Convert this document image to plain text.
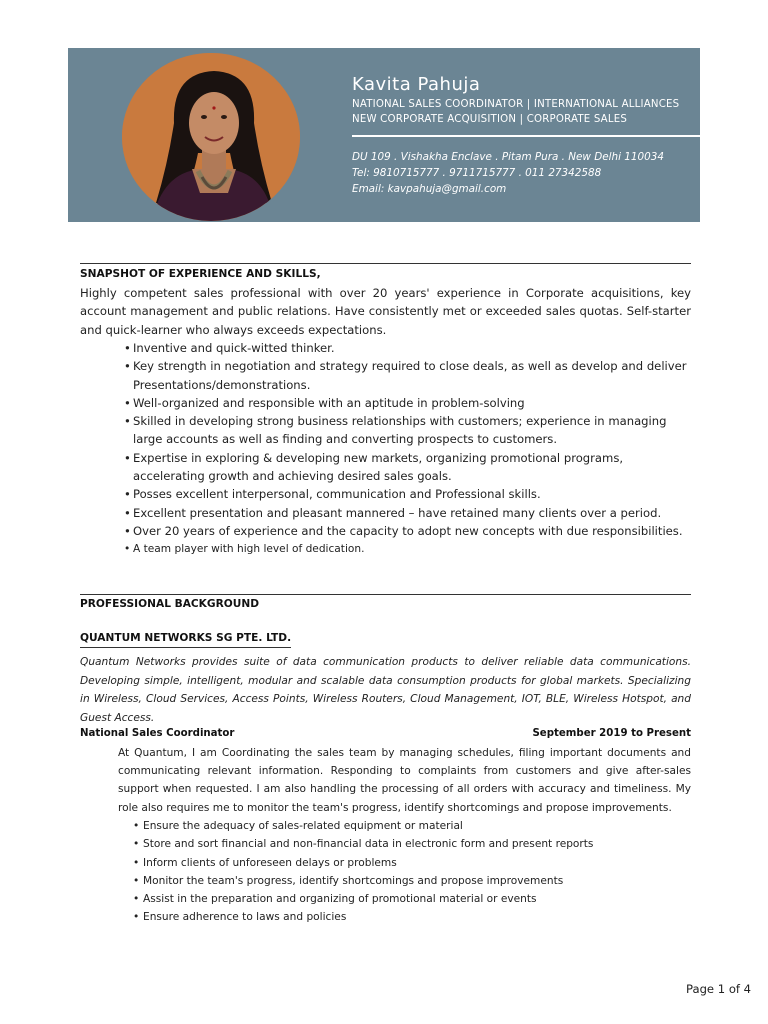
Kavita Pahuja
NATIONAL SALES COORDINATOR | INTERNATIONAL ALLIANCES
NEW CORPORATE ACQUISITION | CORPORATE SALES
DU 109 . Vishakha Enclave . Pitam Pura . New Delhi 110034
Tel: 9810715777 . 9711715777 . 011 27342588
Email: kavpahuja@gmail.com
SNAPSHOT OF EXPERIENCE AND SKILLS,
Highly competent sales professional with over 20 years' experience in Corporate acquisitions, key account management and public relations. Have consistently met or exceeded sales quotas. Self-starter and quick-learner who always exceeds expectations.
• Inventive and quick-witted thinker.
• Key strength in negotiation and strategy required to close deals, as well as develop and deliver Presentations/demonstrations.
• Well-organized and responsible with an aptitude in problem-solving
• Skilled in developing strong business relationships with customers; experience in managing large accounts as well as finding and converting prospects to customers.
• Expertise in exploring & developing new markets, organizing promotional programs, accelerating growth and achieving desired sales goals.
• Posses excellent interpersonal, communication and Professional skills.
• Excellent presentation and pleasant mannered – have retained many clients over a period.
• Over 20 years of experience and the capacity to adopt new concepts with due responsibilities.
• A team player with high level of dedication.
PROFESSIONAL BACKGROUND
QUANTUM NETWORKS SG PTE. LTD.
Quantum Networks provides suite of data communication products to deliver reliable data communications. Developing simple, intelligent, modular and scalable data consumption products for global markets. Specializing in Wireless, Cloud Services, Access Points, Wireless Routers, Cloud Management, IOT, BLE, Wireless Hotspot, and Guest Access.
National Sales Coordinator	September 2019 to Present
At Quantum, I am Coordinating the sales team by managing schedules, filing important documents and communicating relevant information. Responding to complaints from customers and give after-sales support when requested. I am also handling the processing of all orders with accuracy and timeliness. My role also requires me to monitor the team's progress, identify shortcomings and propose improvements.
• Ensure the adequacy of sales-related equipment or material
• Store and sort financial and non-financial data in electronic form and present reports
• Inform clients of unforeseen delays or problems
• Monitor the team's progress, identify shortcomings and propose improvements
• Assist in the preparation and organizing of promotional material or events
• Ensure adherence to laws and policies
Page 1 of 4
